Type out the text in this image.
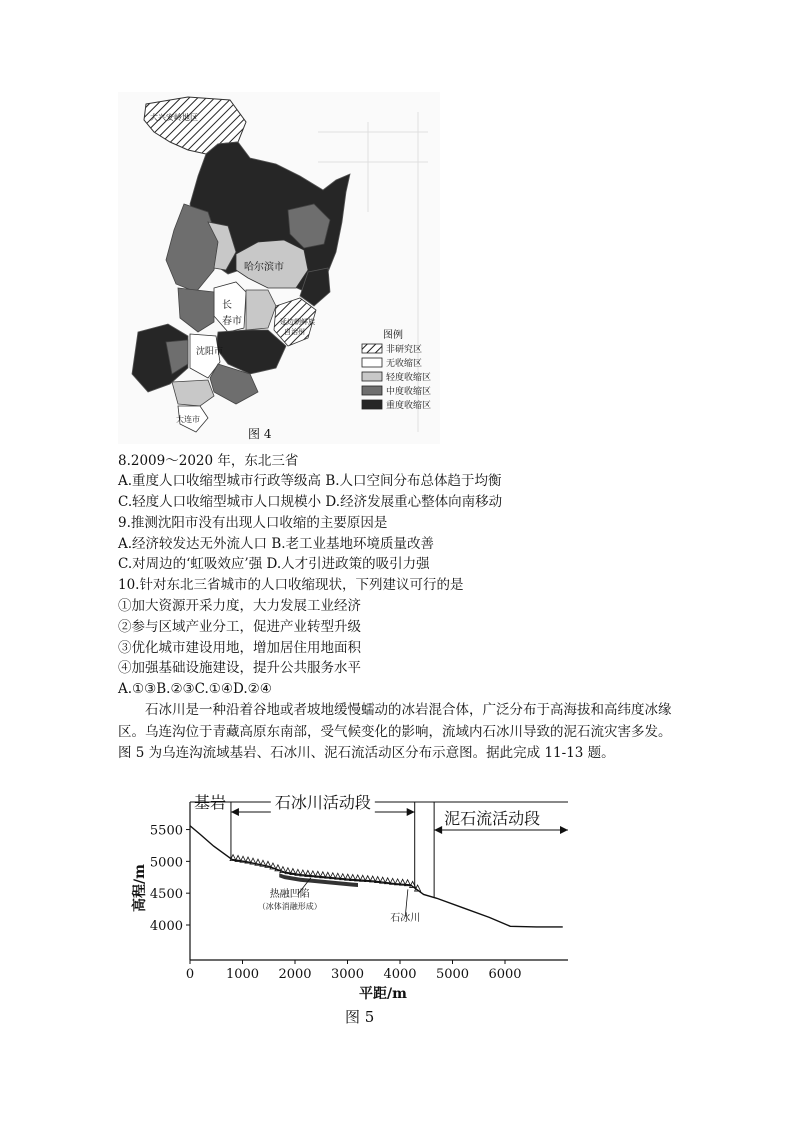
哈尔滨市
长
春市
沈阳市
大连市
大兴安岭地区
延边朝鲜族
自治州	图例
非研究区
无收缩区
轻度收缩区
中度收缩区
重度收缩区
图 4
8.2009～2020 年，东北三省
A.重度人口收缩型城市行政等级高 B.人口空间分布总体趋于均衡
C.轻度人口收缩型城市人口规模小 D.经济发展重心整体向南移动
9.推测沈阳市没有出现人口收缩的主要原因是
A.经济较发达无外流人口 B.老工业基地环境质量改善
C.对周边的‘虹吸效应’强 D.人才引进政策的吸引力强
10.针对东北三省城市的人口收缩现状，下列建议可行的是
①加大资源开采力度，大力发展工业经济
②参与区域产业分工，促进产业转型升级
③优化城市建设用地，增加居住用地面积
④加强基础设施建设，提升公共服务水平
A.①③B.②③C.①④D.②④
石冰川是一种沿着谷地或者坡地缓慢蠕动的冰岩混合体，广泛分布于高海拔和高纬度冰缘区。乌连沟位于青藏高原东南部，受气候变化的影响，流域内石冰川导致的泥石流灾害多发。图 5 为乌连沟流域基岩、石冰川、泥石流活动区分布示意图。据此完成 11-13 题。
0 1000 2000 3000 4000 5000 6000
4000
4500
5000
5500
基岩	石冰川活动段
泥石流活动段
热融凹陷
（冰体消融形成）
石冰川
高程/m
平距/m
图 5
